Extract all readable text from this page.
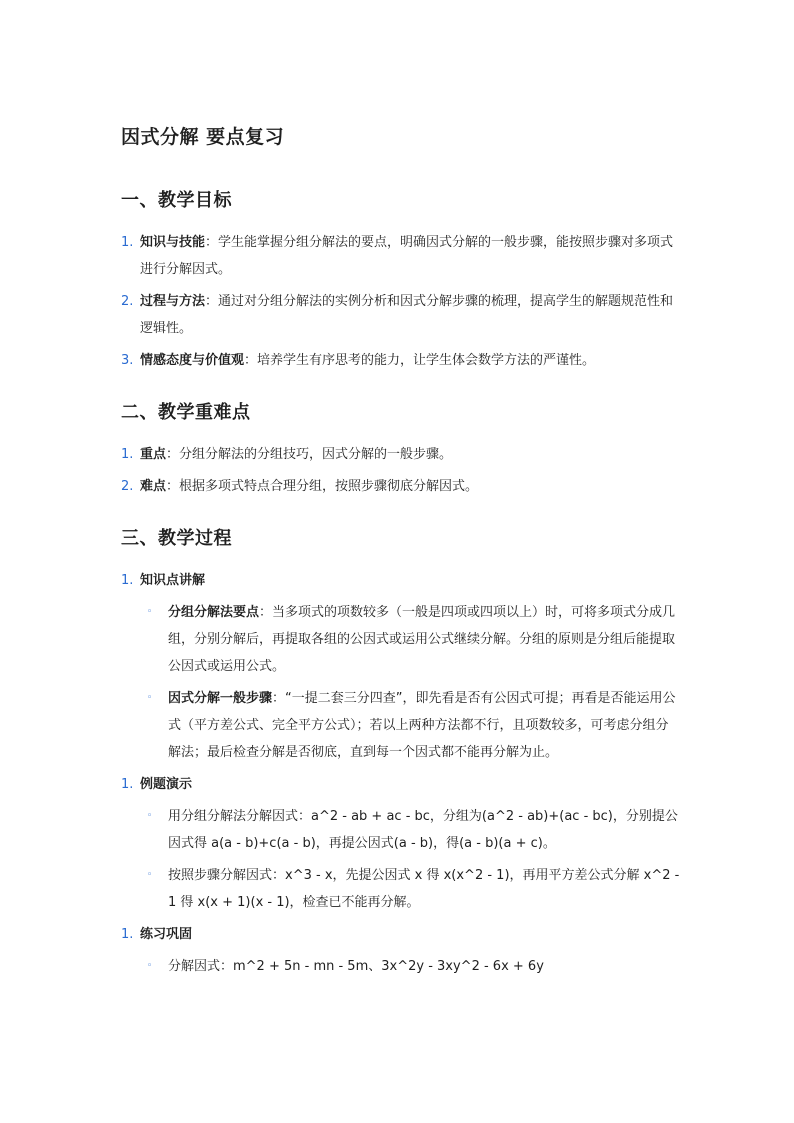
因式分解 要点复习
一、教学目标
1. 知识与技能：学生能掌握分组分解法的要点，明确因式分解的一般步骤，能按照步骤对多项式进行分解因式。
2. 过程与方法：通过对分组分解法的实例分析和因式分解步骤的梳理，提高学生的解题规范性和逻辑性。
3. 情感态度与价值观：培养学生有序思考的能力，让学生体会数学方法的严谨性。
二、教学重难点
1. 重点：分组分解法的分组技巧，因式分解的一般步骤。
2. 难点：根据多项式特点合理分组，按照步骤彻底分解因式。
三、教学过程
1. 知识点讲解
◦ 分组分解法要点：当多项式的项数较多（一般是四项或四项以上）时，可将多项式分成几组，分别分解后，再提取各组的公因式或运用公式继续分解。分组的原则是分组后能提取公因式或运用公式。
◦ 因式分解一般步骤：“一提二套三分四查”，即先看是否有公因式可提；再看是否能运用公式（平方差公式、完全平方公式）；若以上两种方法都不行，且项数较多，可考虑分组分解法；最后检查分解是否彻底，直到每一个因式都不能再分解为止。
1. 例题演示
◦ 用分组分解法分解因式：a^2 - ab + ac - bc，分组为(a^2 - ab)+(ac - bc)，分别提公因式得 a(a - b)+c(a - b)，再提公因式(a - b)，得(a - b)(a + c)。
◦ 按照步骤分解因式：x^3 - x，先提公因式 x 得 x(x^2 - 1)，再用平方差公式分解 x^2 - 1 得 x(x + 1)(x - 1)，检查已不能再分解。
1. 练习巩固
◦ 分解因式：m^2 + 5n - mn - 5m、3x^2y - 3xy^2 - 6x + 6y
